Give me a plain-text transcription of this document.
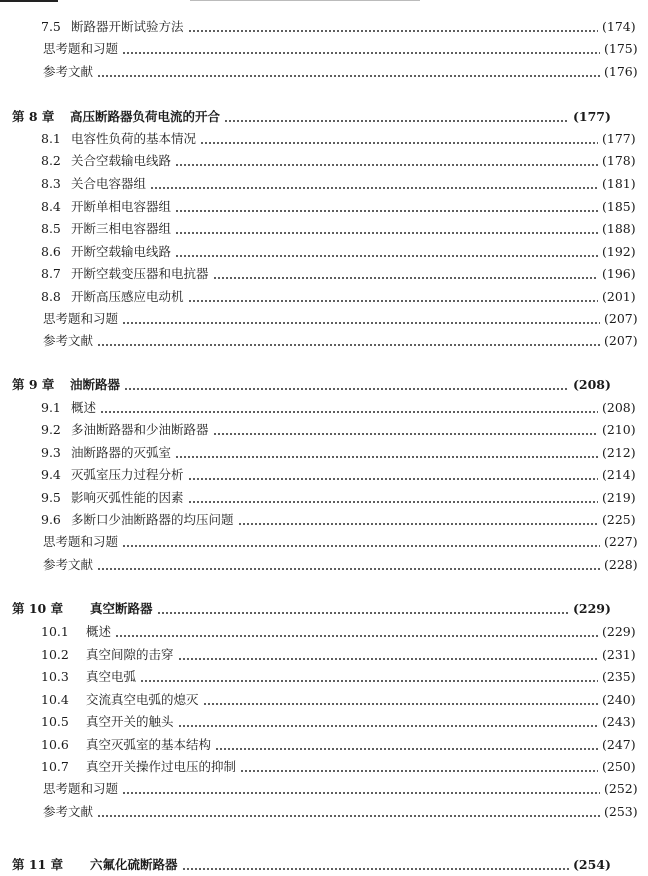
7.5 断路器开断试验方法	(174)
思考题和习题	(175)
参考文献	(176)
第 8 章	高压断路器负荷电流的开合	(177)
8.1 电容性负荷的基本情况	(177)
8.2 关合空载输电线路	(178)
8.3 关合电容器组	(181)
8.4 开断单相电容器组	(185)
8.5 开断三相电容器组	(188)
8.6 开断空载输电线路	(192)
8.7 开断空载变压器和电抗器	(196)
8.8 开断高压感应电动机	(201)
思考题和习题	(207)
参考文献	(207)
第 9 章	油断路器	(208)
9.1 概述	(208)
9.2 多油断路器和少油断路器	(210)
9.3 油断路器的灭弧室	(212)
9.4 灭弧室压力过程分析	(214)
9.5 影响灭弧性能的因素	(219)
9.6 多断口少油断路器的均压问题	(225)
思考题和习题	(227)
参考文献	(228)
第 10 章	真空断路器	(229)
10.1	概述	(229)
10.2	真空间隙的击穿	(231)
10.3	真空电弧	(235)
10.4	交流真空电弧的熄灭	(240)
10.5	真空开关的触头	(243)
10.6	真空灭弧室的基本结构	(247)
10.7	真空开关操作过电压的抑制	(250)
思考题和习题	(252)
参考文献	(253)
第 11 章	六氟化硫断路器	(254)
